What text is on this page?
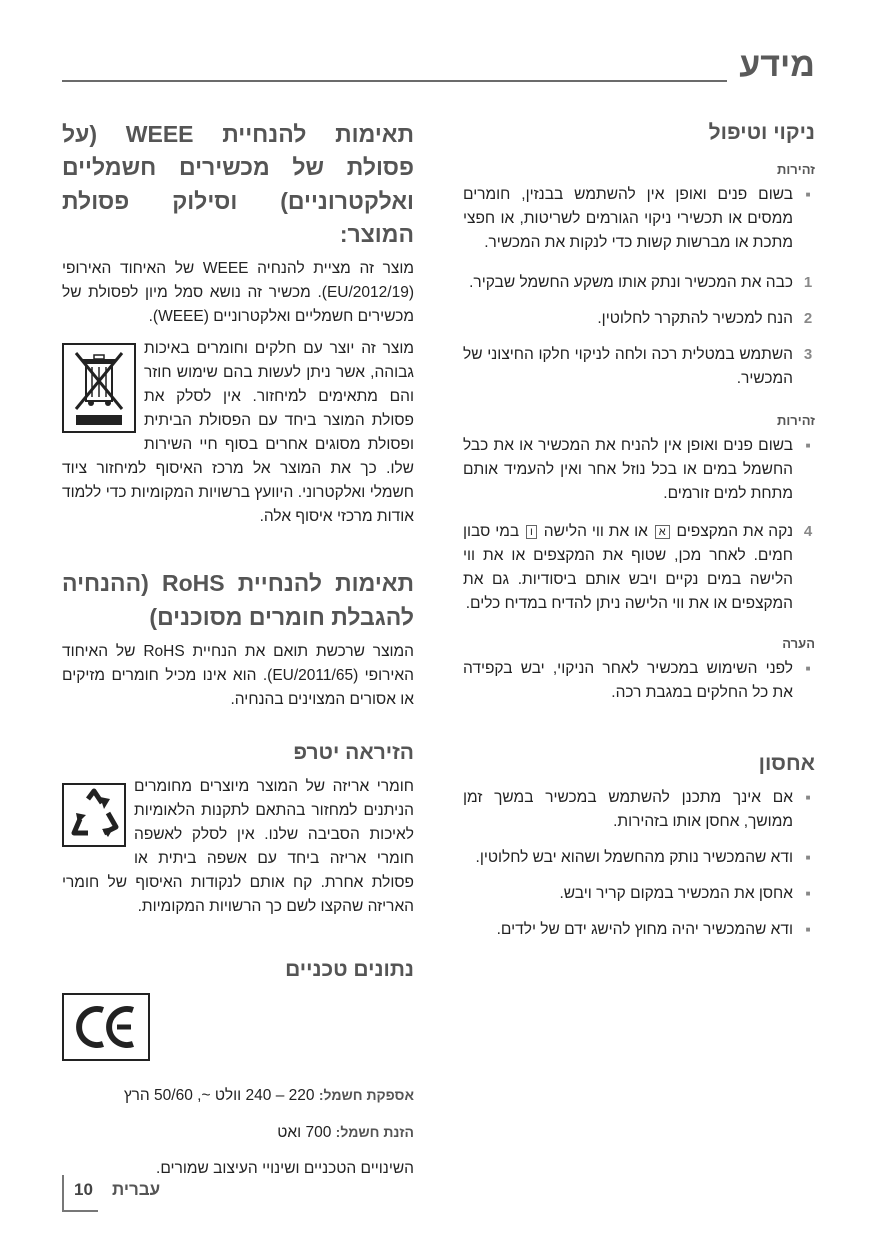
מידע
ניקוי וטיפול
זהירות
■
בשום פנים ואופן אין להשתמש בבנזין, חומרים ממסים או תכשירי ניקוי הגורמים לשריטות, או חפצי מתכת או מברשות קשות כדי לנקות את המכשיר.
1
כבה את המכשיר ונתק אותו משקע החשמל שבקיר.
2
הנח למכשיר להתקרר לחלוטין.
3
השתמש במטלית רכה ולחה לניקוי חלקו החיצוני של המכשיר.
זהירות
■
בשום פנים ואופן אין להניח את המכשיר או את כבל החשמל במים או בכל נוזל אחר ואין להעמיד אותם מתחת למים זורמים.
4
נקה את המקצפים א או את ווי הלישה ו במי סבון חמים. לאחר מכן, שטוף את המקצפים או את ווי הלישה במים נקיים ויבש אותם ביסודיות. גם את המקצפים או את ווי הלישה ניתן להדיח במדיח כלים.
הערה
■
לפני השימוש במכשיר לאחר הניקוי, יבש בקפידה את כל החלקים במגבת רכה.
אחסון
■
אם אינך מתכנן להשתמש במכשיר במשך זמן ממושך, אחסן אותו בזהירות.
■
ודא שהמכשיר נותק מהחשמל ושהוא יבש לחלוטין.
■
אחסן את המכשיר במקום קריר ויבש.
■
ודא שהמכשיר יהיה מחוץ להישג ידם של ילדים.
תאימות להנחיית WEEE (על פסולת של מכשירים חשמליים ואלקטרוניים) וסילוק פסולת המוצר:

מוצר זה מציית להנחיה WEEE של האיחוד האירופי (EU/2012/19). מכשיר זה נושא סמל מיון לפסולת של מכשירים חשמליים ואלקטרוניים (WEEE).

מוצר זה יוצר עם חלקים וחומרים באיכות גבוהה, אשר ניתן לעשות בהם שימוש חוזר והם מתאימים למיחזור. אין לסלק את פסולת המוצר ביחד עם הפסולת הביתית ופסולת מסוגים אחרים בסוף חיי השירות שלו. כך את המוצר אל מרכז האיסוף למיחזור ציוד חשמלי ואלקטרוני. היוועץ ברשויות המקומיות כדי ללמוד אודות מרכזי איסוף אלה.

תאימות להנחיית RoHS (ההנחיה להגבלת חומרים מסוכנים)

המוצר שרכשת תואם את הנחיית RoHS של האיחוד האירופי (EU/2011/65). הוא אינו מכיל חומרים מזיקים או אסורים המצוינים בהנחיה.

הזיראה יטרפ

חומרי אריזה של המוצר מיוצרים מחומרים הניתנים למחזור בהתאם לתקנות הלאומיות לאיכות הסביבה שלנו. אין לסלק לאשפה חומרי אריזה ביחד עם אשפה ביתית או פסולת אחרת. קח אותם לנקודות האיסוף של חומרי האריזה שהקצו לשם כך הרשויות המקומיות.

נתונים טכניים
אספקת חשמל: 220 – 240 וולט ~, 50/60 הרץ
הזנת חשמל: 700 ואט
השינויים הטכניים ושינויי העיצוב שמורים.
10 עברית
